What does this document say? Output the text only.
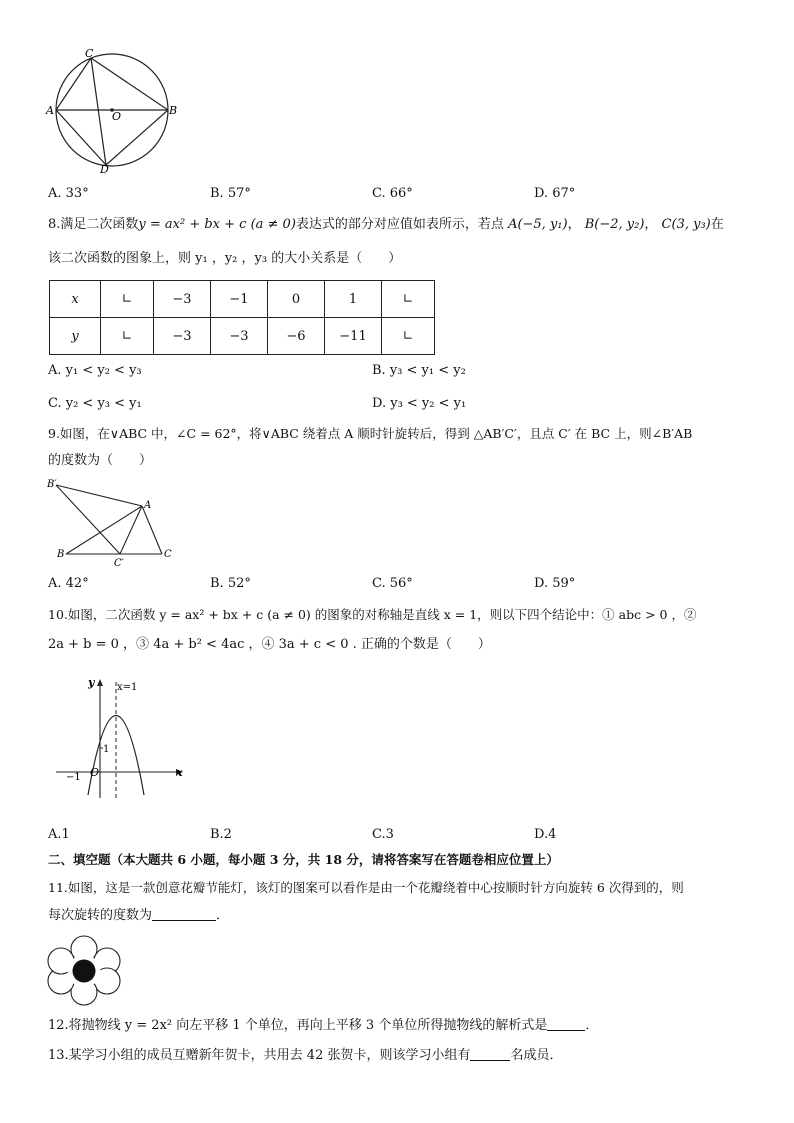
C
A	B
O
D
A. 33°	B. 57°	C. 66°	D. 67°
8.满足二次函数y = ax² + bx + c (a ≠ 0)表达式的部分对应值如表所示，若点 A(−5, y₁)， B(−2, y₂)， C(3, y₃)在
该二次函数的图象上，则 y₁ ，y₂ ，y₃ 的大小关系是（　　）
x	∟	−3	−1	0	1	∟
y	∟	−3	−3	−6	−11	∟
A. y₁ < y₂ < y₃	B. y₃ < y₁ < y₂
C. y₂ < y₃ < y₁	D. y₃ < y₂ < y₁
9.如图，在∨ABC 中，∠C = 62°，将∨ABC 绕着点 A 顺时针旋转后，得到 △AB′C′，且点 C′ 在 BC 上，则∠B′AB
的度数为（　　）
B′
A
B
C′
C
A. 42°	B. 52°	C. 56°	D. 59°
10.如图，二次函数 y = ax² + bx + c (a ≠ 0) 的图象的对称轴是直线 x = 1，则以下四个结论中：① abc > 0 ，②
2a + b = 0 ，③ 4a + b² < 4ac ，④ 3a + c < 0 . 正确的个数是（　　）
y x=1
1
−1 O	x
A.1	B.2	C.3	D.4
二、填空题（本大题共 6 小题，每小题 3 分，共 18 分，请将答案写在答题卷相应位置上）
11.如图，这是一款创意花瓣节能灯，该灯的图案可以看作是由一个花瓣绕着中心按顺时针方向旋转 6 次得到的，则
每次旋转的度数为	．
12.将抛物线 y = 2x² 向左平移 1 个单位，再向上平移 3 个单位所得抛物线的解析式是	．
13.某学习小组的成员互赠新年贺卡，共用去 42 张贺卡，则该学习小组有	名成员．
